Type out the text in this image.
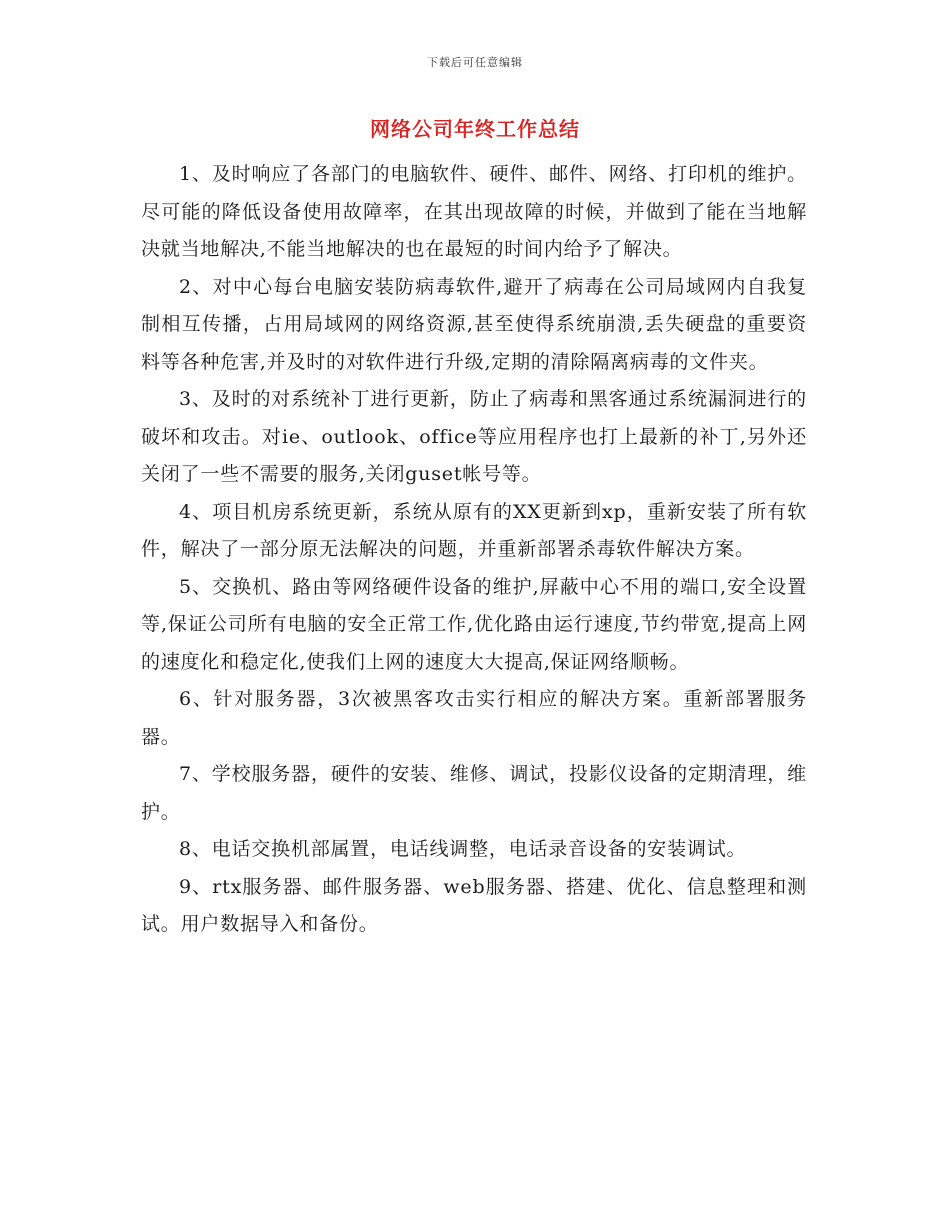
下载后可任意编辑
网络公司年终工作总结

1、及时响应了各部门的电脑软件、硬件、邮件、网络、打印机的维护。尽可能的降低设备使用故障率，在其出现故障的时候，并做到了能在当地解决就当地解决,不能当地解决的也在最短的时间内给予了解决。

2、对中心每台电脑安装防病毒软件,避开了病毒在公司局域网内自我复制相互传播，占用局域网的网络资源,甚至使得系统崩溃,丢失硬盘的重要资料等各种危害,并及时的对软件进行升级,定期的清除隔离病毒的文件夹。

3、及时的对系统补丁进行更新，防止了病毒和黑客通过系统漏洞进行的破坏和攻击。对ie、outlook、office等应用程序也打上最新的补丁,另外还关闭了一些不需要的服务,关闭guset帐号等。

4、项目机房系统更新，系统从原有的XX更新到xp，重新安装了所有软件，解决了一部分原无法解决的问题，并重新部署杀毒软件解决方案。

5、交换机、路由等网络硬件设备的维护,屏蔽中心不用的端口,安全设置等,保证公司所有电脑的安全正常工作,优化路由运行速度,节约带宽,提高上网的速度化和稳定化,使我们上网的速度大大提高,保证网络顺畅。

6、针对服务器，3次被黑客攻击实行相应的解决方案。重新部署服务器。

7、学校服务器，硬件的安装、维修、调试，投影仪设备的定期清理，维护。

8、电话交换机部属置，电话线调整，电话录音设备的安装调试。

9、rtx服务器、邮件服务器、web服务器、搭建、优化、信息整理和测试。用户数据导入和备份。
